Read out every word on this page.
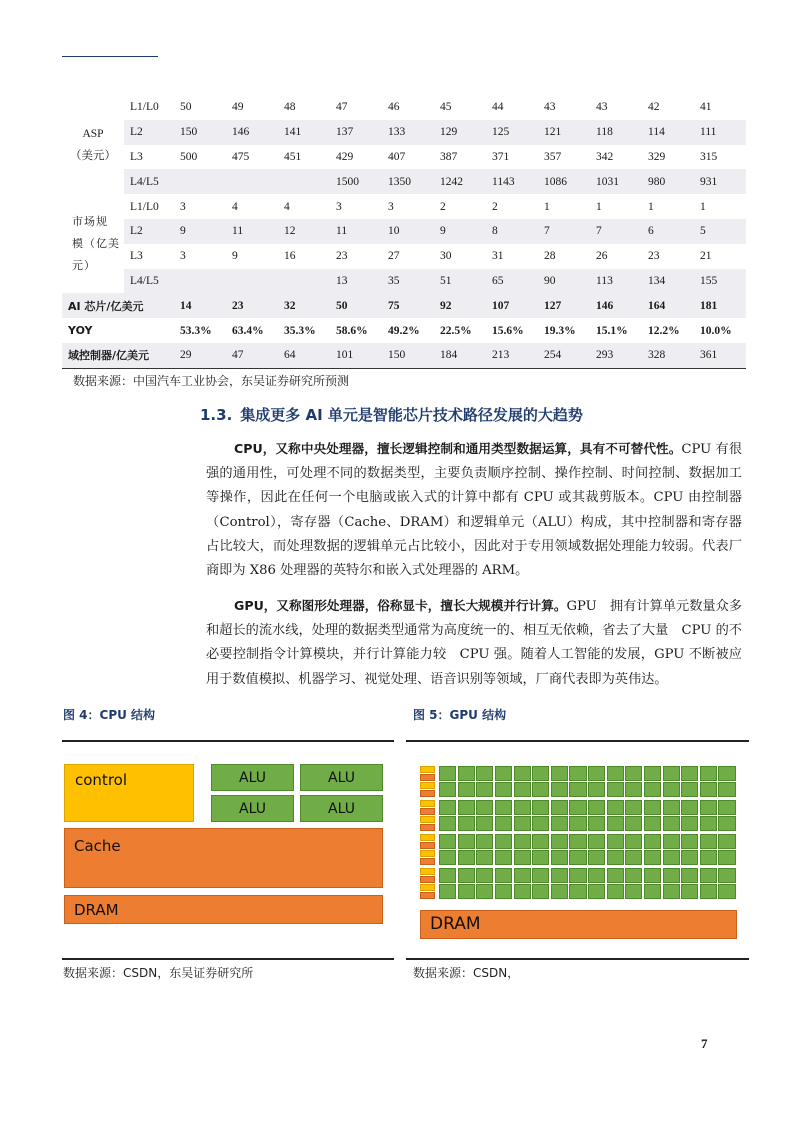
ASP
（美元）	L1/L0	50	49	48	47	46	45	44	43	43	42	41
	L2	150	146	141	137	133	129	125	121	118	114	111
	L3	500	475	451	429	407	387	371	357	342	329	315
	L4/L5				1500	1350	1242	1143	1086	1031	980	931

市场规
模（亿美
元）	L1/L0	3	4	4	3	3	2	2	1	1	1	1
	L2	9	11	12	11	10	9	8	7	7	6	5
	L3	3	9	16	23	27	30	31	28	26	23	21
	L4/L5				13	35	51	65	90	113	134	155
AI 芯片/亿美元		14	23	32	50	75	92	107	127	146	164	181
YOY		53.3%	63.4%	35.3%	58.6%	49.2%	22.5%	15.6%	19.3%	15.1%	12.2%	10.0%
域控制器/亿美元		29	47	64	101	150	184	213	254	293	328	361
数据来源：中国汽车工业协会，东吴证券研究所预测
1.3. 集成更多 AI 单元是智能芯片技术路径发展的大趋势
CPU，又称中央处理器，擅长逻辑控制和通用类型数据运算，具有不可替代性。CPU 有很强的通用性，可处理不同的数据类型，主要负责顺序控制、操作控制、时间控制、数据加工等操作，因此在任何一个电脑或嵌入式的计算中都有 CPU 或其裁剪版本。CPU 由控制器（Control），寄存器（Cache、DRAM）和逻辑单元（ALU）构成，其中控制器和寄存器占比较大，而处理数据的逻辑单元占比较小，因此对于专用领域数据处理能力较弱。代表厂商即为 X86 处理器的英特尔和嵌入式处理器的 ARM。
GPU，又称图形处理器，俗称显卡，擅长大规模并行计算。GPU　拥有计算单元数量众多和超长的流水线，处理的数据类型通常为高度统一的、相互无依赖，省去了大量　CPU 的不必要控制指令计算模块，并行计算能力较　CPU 强。随着人工智能的发展，GPU 不断被应用于数值模拟、机器学习、视觉处理、语音识别等领域，厂商代表即为英伟达。
图 4：CPU 结构
control	ALU	ALU
ALU	ALU
Cache
DRAM
数据来源：CSDN，东吴证券研究所
图 5：GPU 结构
DRAM
数据来源：CSDN，
7
